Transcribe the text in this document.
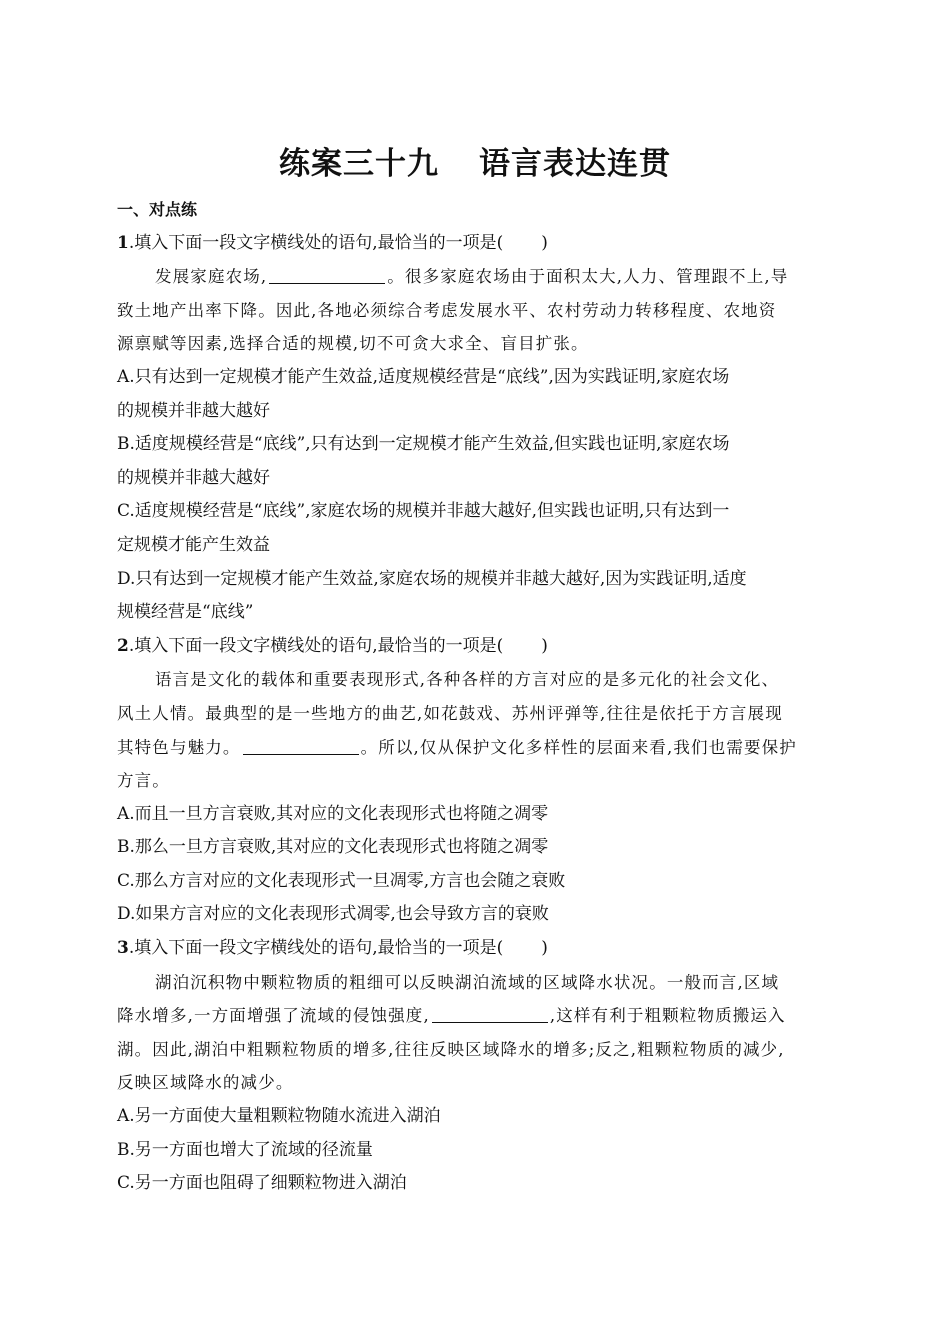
练案三十九 语言表达连贯
一、对点练
1.填入下面一段文字横线处的语句,最恰当的一项是( )
发展家庭农场,	。很多家庭农场由于面积太大,人力、管理跟不上,导
致土地产出率下降。因此,各地必须综合考虑发展水平、农村劳动力转移程度、农地资
源禀赋等因素,选择合适的规模,切不可贪大求全、盲目扩张。
A.只有达到一定规模才能产生效益,适度规模经营是“底线”,因为实践证明,家庭农场
的规模并非越大越好
B.适度规模经营是“底线”,只有达到一定规模才能产生效益,但实践也证明,家庭农场
的规模并非越大越好
C.适度规模经营是“底线”,家庭农场的规模并非越大越好,但实践也证明,只有达到一
定规模才能产生效益
D.只有达到一定规模才能产生效益,家庭农场的规模并非越大越好,因为实践证明,适度
规模经营是“底线”
2.填入下面一段文字横线处的语句,最恰当的一项是( )
语言是文化的载体和重要表现形式,各种各样的方言对应的是多元化的社会文化、
风土人情。最典型的是一些地方的曲艺,如花鼓戏、苏州评弹等,往往是依托于方言展现
其特色与魅力。	。所以,仅从保护文化多样性的层面来看,我们也需要保护
方言。
A.而且一旦方言衰败,其对应的文化表现形式也将随之凋零
B.那么一旦方言衰败,其对应的文化表现形式也将随之凋零
C.那么方言对应的文化表现形式一旦凋零,方言也会随之衰败
D.如果方言对应的文化表现形式凋零,也会导致方言的衰败
3.填入下面一段文字横线处的语句,最恰当的一项是( )
湖泊沉积物中颗粒物质的粗细可以反映湖泊流域的区域降水状况。一般而言,区域
降水增多,一方面增强了流域的侵蚀强度,	,这样有利于粗颗粒物质搬运入
湖。因此,湖泊中粗颗粒物质的增多,往往反映区域降水的增多;反之,粗颗粒物质的减少,
反映区域降水的减少。
A.另一方面使大量粗颗粒物随水流进入湖泊
B.另一方面也增大了流域的径流量
C.另一方面也阻碍了细颗粒物进入湖泊
